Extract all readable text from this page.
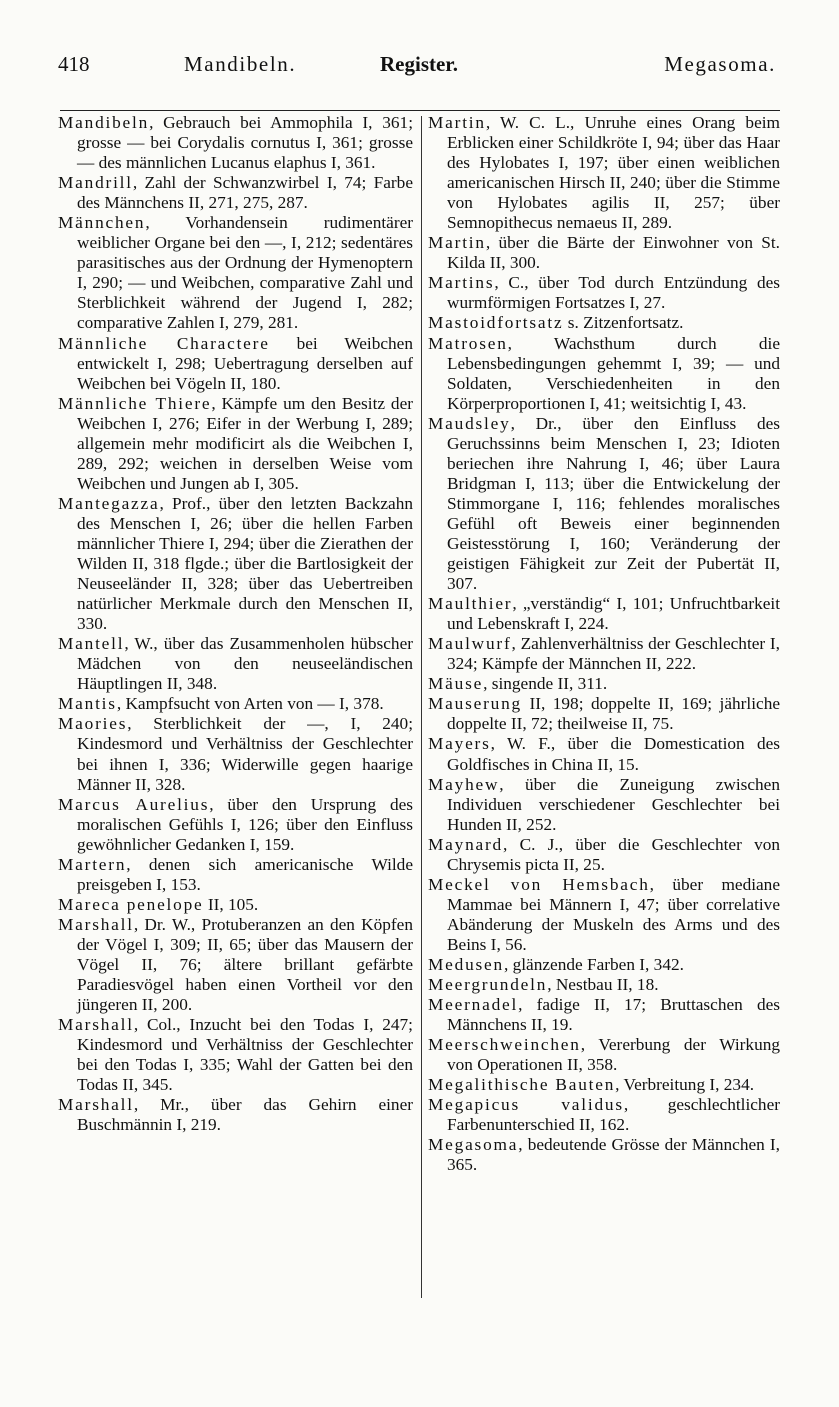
418	Mandibeln.	Register.	Megasoma.
Mandibeln, Gebrauch bei Ammophila I, 361; grosse — bei Corydalis cornutus I, 361; grosse — des männlichen Lucanus elaphus I, 361.
Mandrill, Zahl der Schwanzwirbel I, 74; Farbe des Männchens II, 271, 275, 287.
Männchen, Vorhandensein rudimentärer weiblicher Organe bei den —, I, 212; sedentäres parasitisches aus der Ordnung der Hymenoptern I, 290; — und Weibchen, comparative Zahl und Sterblichkeit während der Jugend I, 282; comparative Zahlen I, 279, 281.
Männliche Charactere bei Weibchen entwickelt I, 298; Uebertragung derselben auf Weibchen bei Vögeln II, 180.
Männliche Thiere, Kämpfe um den Besitz der Weibchen I, 276; Eifer in der Werbung I, 289; allgemein mehr modificirt als die Weibchen I, 289, 292; weichen in derselben Weise vom Weibchen und Jungen ab I, 305.
Mantegazza, Prof., über den letzten Backzahn des Menschen I, 26; über die hellen Farben männlicher Thiere I, 294; über die Zierathen der Wilden II, 318 flgde.; über die Bartlosigkeit der Neuseeländer II, 328; über das Uebertreiben natürlicher Merkmale durch den Menschen II, 330.
Mantell, W., über das Zusammenholen hübscher Mädchen von den neuseeländischen Häuptlingen II, 348.
Mantis, Kampfsucht von Arten von — I, 378.
Maories, Sterblichkeit der —, I, 240; Kindesmord und Verhältniss der Geschlechter bei ihnen I, 336; Widerwille gegen haarige Männer II, 328.
Marcus Aurelius, über den Ursprung des moralischen Gefühls I, 126; über den Einfluss gewöhnlicher Gedanken I, 159.
Martern, denen sich americanische Wilde preisgeben I, 153.
Mareca penelope II, 105.
Marshall, Dr. W., Protuberanzen an den Köpfen der Vögel I, 309; II, 65; über das Mausern der Vögel II, 76; ältere brillant gefärbte Paradiesvögel haben einen Vortheil vor den jüngeren II, 200.
Marshall, Col., Inzucht bei den Todas I, 247; Kindesmord und Verhältniss der Geschlechter bei den Todas I, 335; Wahl der Gatten bei den Todas II, 345.
Marshall, Mr., über das Gehirn einer Buschmännin I, 219.
Martin, W. C. L., Unruhe eines Orang beim Erblicken einer Schildkröte I, 94; über das Haar des Hylobates I, 197; über einen weiblichen americanischen Hirsch II, 240; über die Stimme von Hylobates agilis II, 257; über Semnopithecus nemaeus II, 289.
Martin, über die Bärte der Einwohner von St. Kilda II, 300.
Martins, C., über Tod durch Entzündung des wurmförmigen Fortsatzes I, 27.
Mastoidfortsatz s. Zitzenfortsatz.
Matrosen, Wachsthum durch die Lebensbedingungen gehemmt I, 39; — und Soldaten, Verschiedenheiten in den Körperproportionen I, 41; weitsichtig I, 43.
Maudsley, Dr., über den Einfluss des Geruchssinns beim Menschen I, 23; Idioten beriechen ihre Nahrung I, 46; über Laura Bridgman I, 113; über die Entwickelung der Stimmorgane I, 116; fehlendes moralisches Gefühl oft Beweis einer beginnenden Geistesstörung I, 160; Veränderung der geistigen Fähigkeit zur Zeit der Pubertät II, 307.
Maulthier, „verständig“ I, 101; Unfruchtbarkeit und Lebenskraft I, 224.
Maulwurf, Zahlenverhältniss der Geschlechter I, 324; Kämpfe der Männchen II, 222.
Mäuse, singende II, 311.
Mauserung II, 198; doppelte II, 169; jährliche doppelte II, 72; theilweise II, 75.
Mayers, W. F., über die Domestication des Goldfisches in China II, 15.
Mayhew, über die Zuneigung zwischen Individuen verschiedener Geschlechter bei Hunden II, 252.
Maynard, C. J., über die Geschlechter von Chrysemis picta II, 25.
Meckel von Hemsbach, über mediane Mammae bei Männern I, 47; über correlative Abänderung der Muskeln des Arms und des Beins I, 56.
Medusen, glänzende Farben I, 342.
Meergrundeln, Nestbau II, 18.
Meernadel, fadige II, 17; Bruttaschen des Männchens II, 19.
Meerschweinchen, Vererbung der Wirkung von Operationen II, 358.
Megalithische Bauten, Verbreitung I, 234.
Megapicus validus, geschlechtlicher Farbenunterschied II, 162.
Megasoma, bedeutende Grösse der Männchen I, 365.
